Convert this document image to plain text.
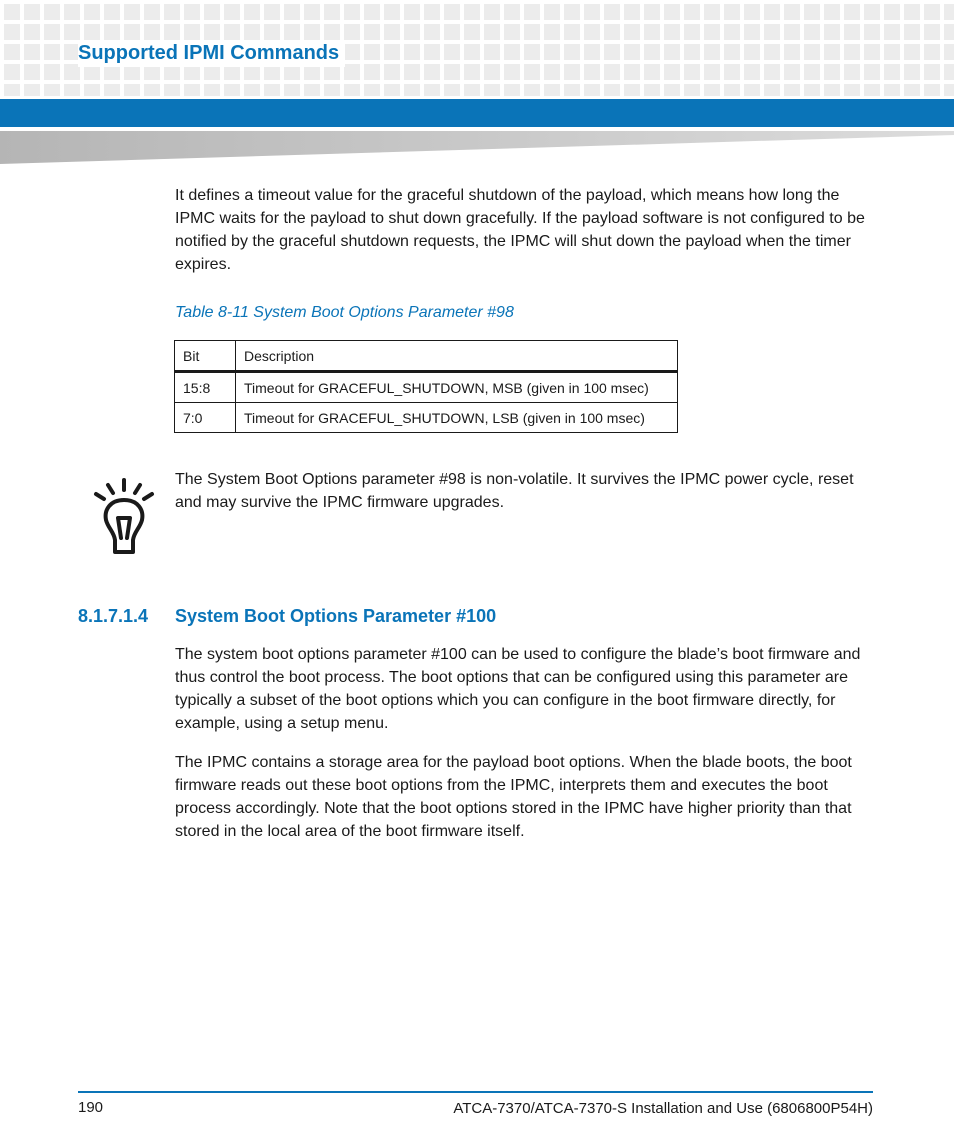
Supported IPMI Commands
It defines a timeout value for the graceful shutdown of the payload, which means how long the IPMC waits for the payload to shut down gracefully. If the payload software is not configured to be notified by the graceful shutdown requests, the IPMC will shut down the payload when the timer expires.
Table 8-11 System Boot Options Parameter #98
Bit	Description
15:8	Timeout for GRACEFUL_SHUTDOWN, MSB (given in 100 msec)
7:0	Timeout for GRACEFUL_SHUTDOWN, LSB (given in 100 msec)
The System Boot Options parameter #98 is non-volatile. It survives the IPMC power cycle, reset and may survive the IPMC firmware upgrades.
8.1.7.1.4 System Boot Options Parameter #100
The system boot options parameter #100 can be used to configure the blade’s boot firmware and thus control the boot process. The boot options that can be configured using this parameter are typically a subset of the boot options which you can configure in the boot firmware directly, for example, using a setup menu.
The IPMC contains a storage area for the payload boot options. When the blade boots, the boot firmware reads out these boot options from the IPMC, interprets them and executes the boot process accordingly. Note that the boot options stored in the IPMC have higher priority than that stored in the local area of the boot firmware itself.
190	ATCA-7370/ATCA-7370-S Installation and Use (6806800P54H)
